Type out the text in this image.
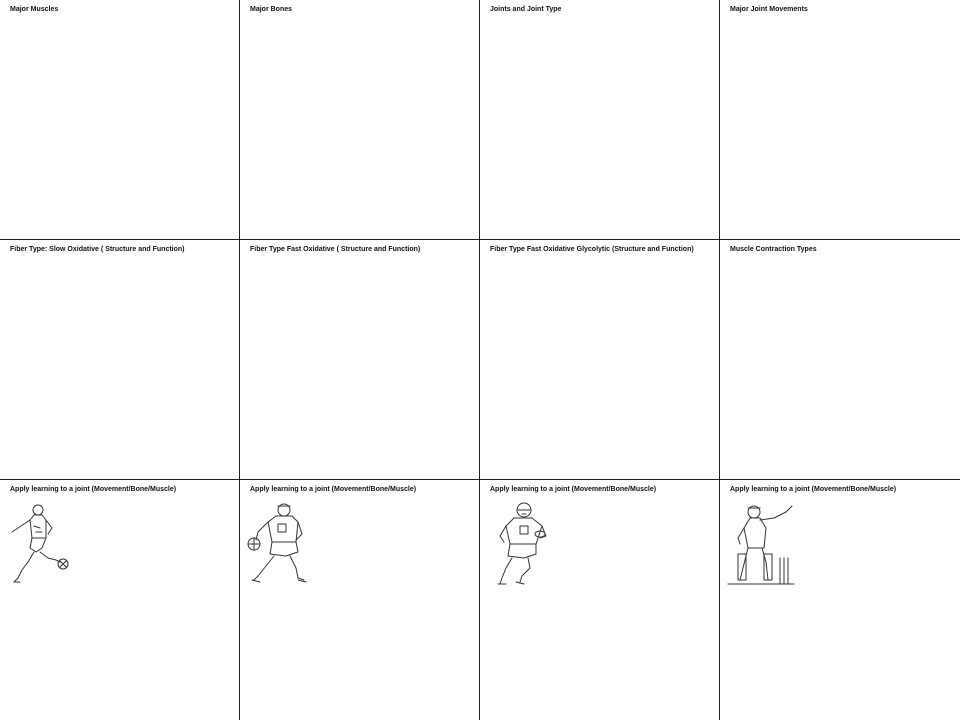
Major Muscles	Major Bones	Joints and Joint Type	Major Joint Movements
Fiber Type: Slow Oxidative ( Structure and Function)	Fiber Type Fast Oxidative ( Structure and Function)	Fiber Type Fast Oxidative Glycolytic (Structure and Function)	Muscle Contraction Types
Apply learning to a joint (Movement/Bone/Muscle)	Apply learning to a joint (Movement/Bone/Muscle)	Apply learning to a joint (Movement/Bone/Muscle)	Apply learning to a joint (Movement/Bone/Muscle)
